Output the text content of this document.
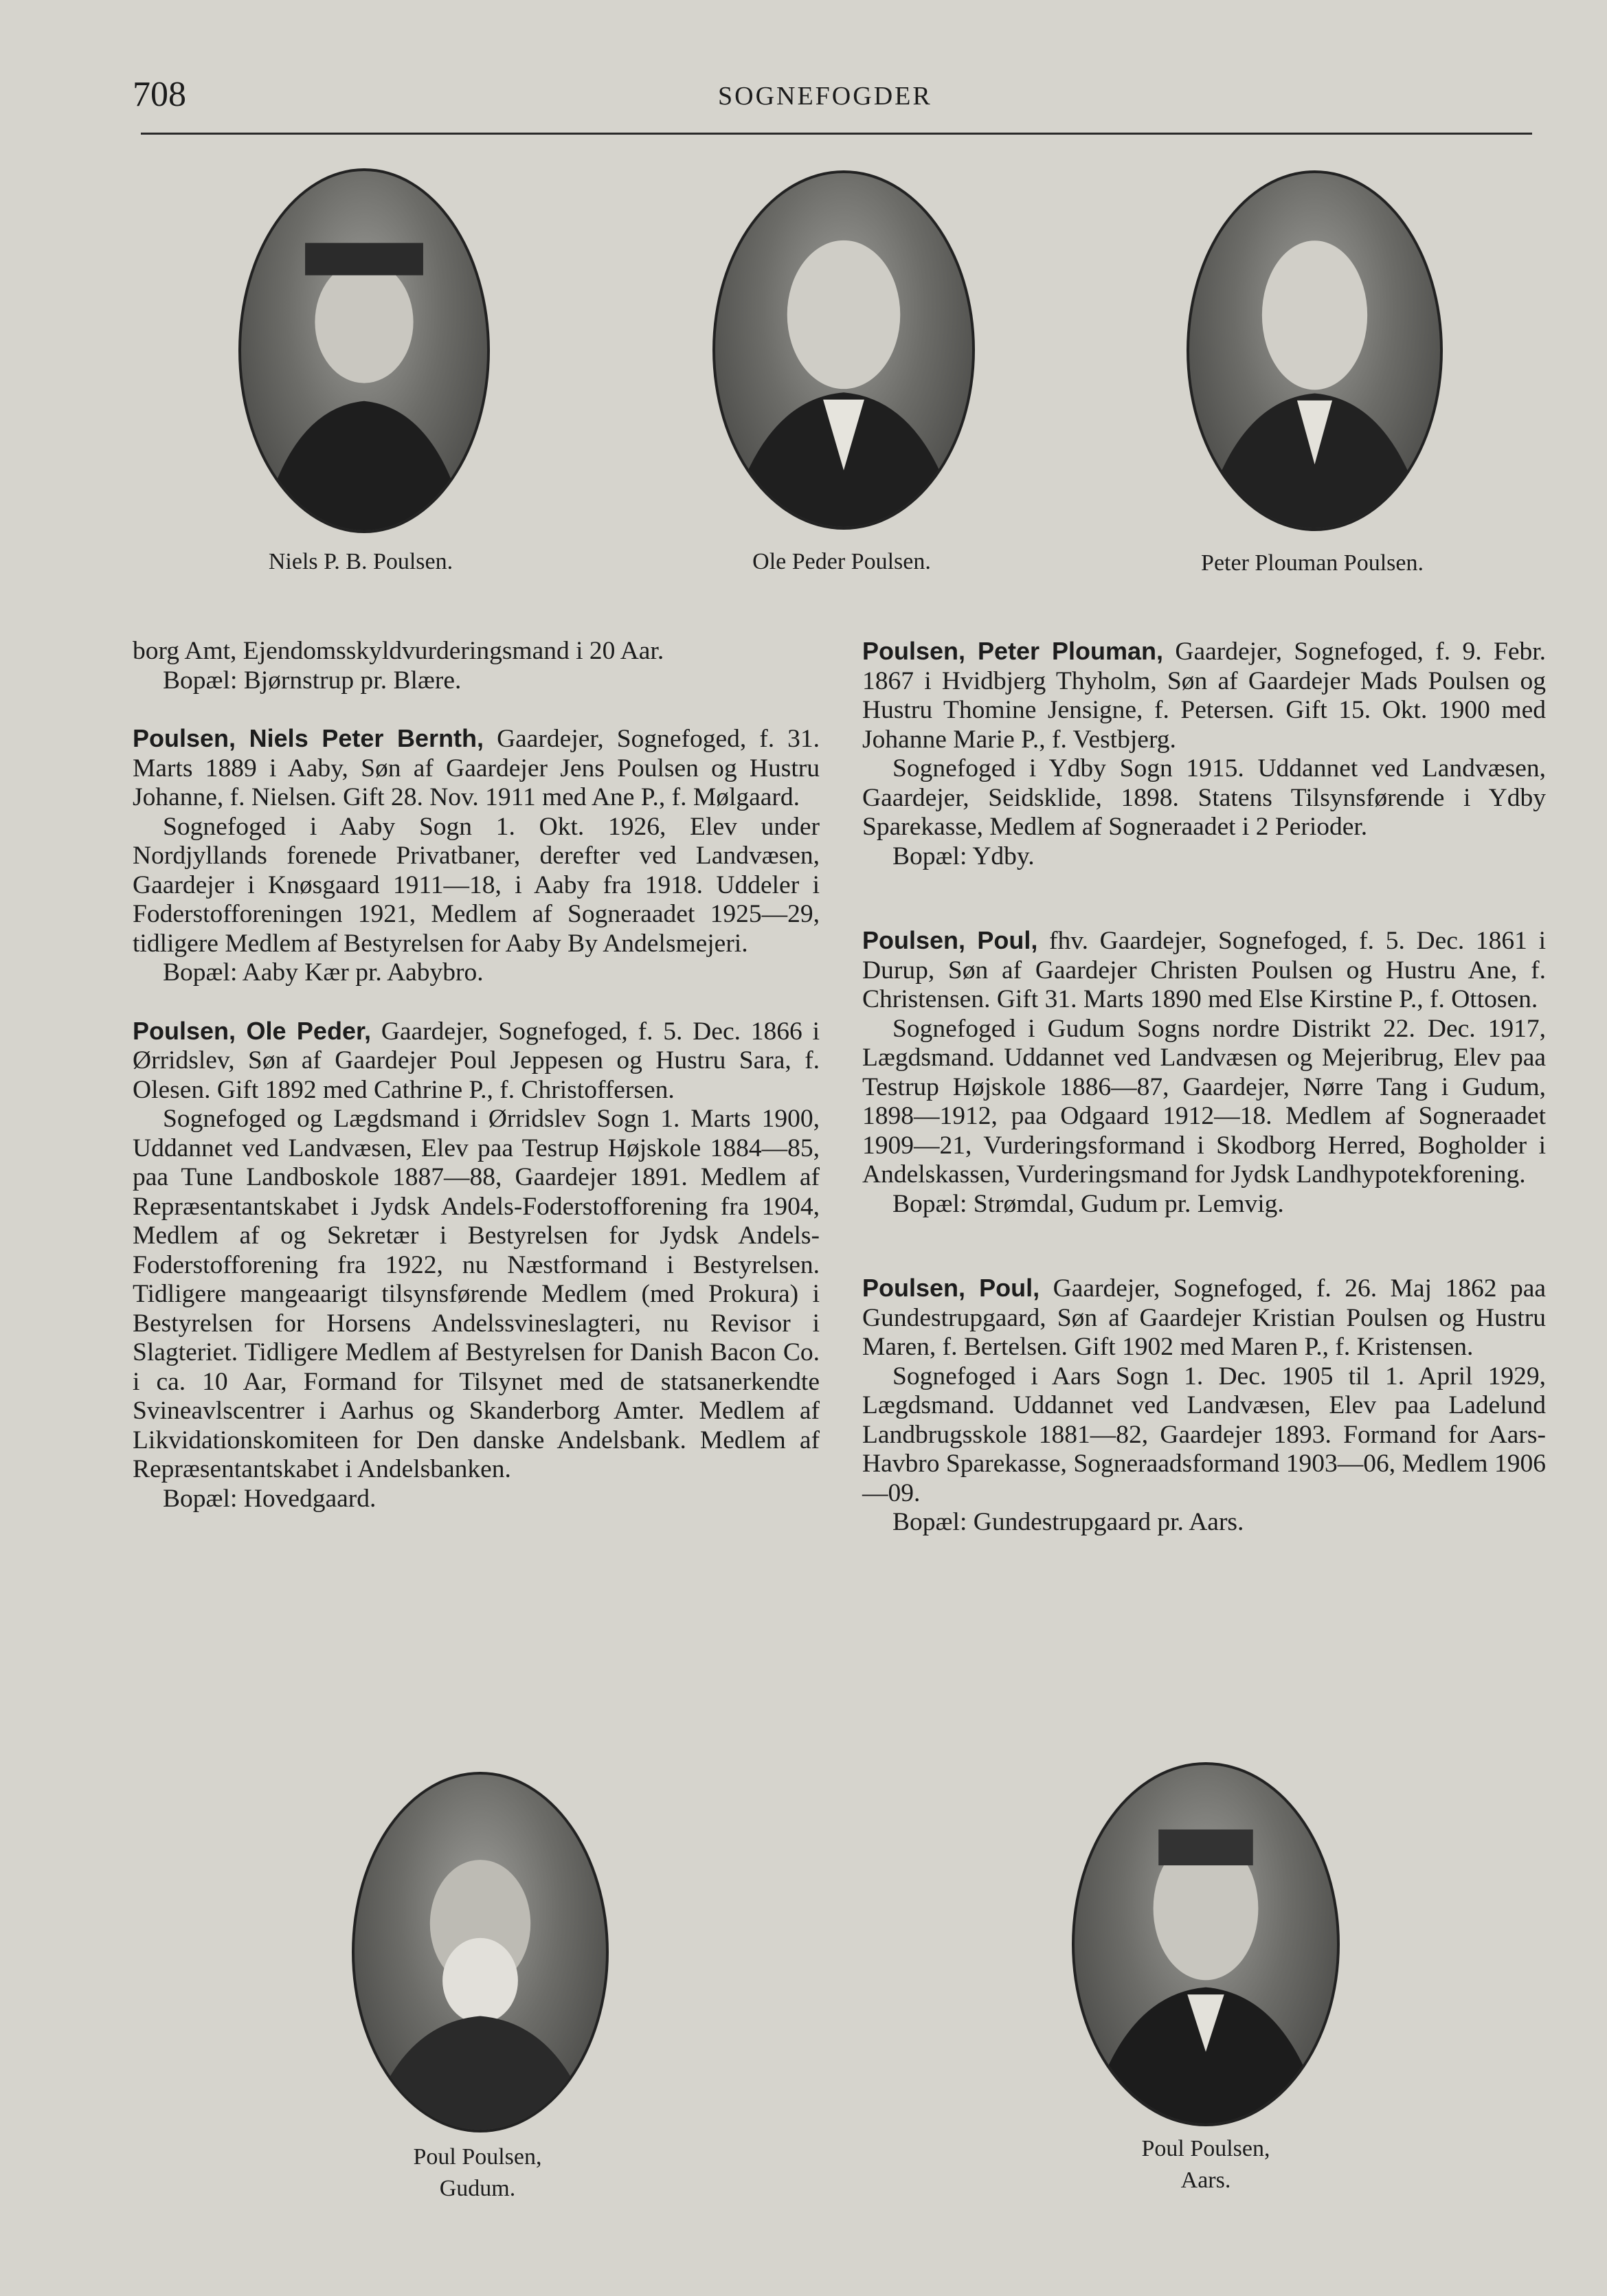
708	SOGNEFOGDER
Niels P. B. Poulsen.	Ole Peder Poulsen.	Peter Plouman Poulsen.

borg Amt, Ejendomsskyldvurderingsmand i 20 Aar.

Bopæl: Bjørnstrup pr. Blære.

Poulsen, Niels Peter Bernth, Gaardejer, Sognefoged, f. 31. Marts 1889 i Aaby, Søn af Gaardejer Jens Poulsen og Hustru Johanne, f. Nielsen. Gift 28. Nov. 1911 med Ane P., f. Mølgaard.

Sognefoged i Aaby Sogn 1. Okt. 1926, Elev under Nordjyllands forenede Privatbaner, derefter ved Landvæsen, Gaardejer i Knøsgaard 1911—18, i Aaby fra 1918. Uddeler i Foderstofforeningen 1921, Medlem af Sogneraadet 1925—29, tidligere Medlem af Bestyrelsen for Aaby By Andelsmejeri.

Bopæl: Aaby Kær pr. Aabybro.

Poulsen, Ole Peder, Gaardejer, Sognefoged, f. 5. Dec. 1866 i Ørridslev, Søn af Gaardejer Poul Jeppesen og Hustru Sara, f. Olesen. Gift 1892 med Cathrine P., f. Christoffersen.

Sognefoged og Lægdsmand i Ørridslev Sogn 1. Marts 1900, Uddannet ved Landvæsen, Elev paa Testrup Højskole 1884—85, paa Tune Landboskole 1887—88, Gaardejer 1891. Medlem af Repræsentantskabet i Jydsk Andels-Foderstofforening fra 1904, Medlem af og Sekretær i Bestyrelsen for Jydsk Andels-Foderstofforening fra 1922, nu Næstformand i Bestyrelsen. Tidligere mangeaarigt tilsynsførende Medlem (med Prokura) i Bestyrelsen for Horsens Andelssvineslagteri, nu Revisor i Slagteriet. Tidligere Medlem af Bestyrelsen for Danish Bacon Co. i ca. 10 Aar, Formand for Tilsynet med de statsanerkendte Svineavlscentrer i Aarhus og Skanderborg Amter. Medlem af Likvidationskomiteen for Den danske Andelsbank. Medlem af Repræsentantskabet i Andelsbanken.

Bopæl: Hovedgaard.

Poulsen, Peter Plouman, Gaardejer, Sognefoged, f. 9. Febr. 1867 i Hvidbjerg Thyholm, Søn af Gaardejer Mads Poulsen og Hustru Thomine Jensigne, f. Petersen. Gift 15. Okt. 1900 med Johanne Marie P., f. Vestbjerg.

Sognefoged i Ydby Sogn 1915. Uddannet ved Landvæsen, Gaardejer, Seidsklide, 1898. Statens Tilsynsførende i Ydby Sparekasse, Medlem af Sogneraadet i 2 Perioder.

Bopæl: Ydby.

Poulsen, Poul, fhv. Gaardejer, Sognefoged, f. 5. Dec. 1861 i Durup, Søn af Gaardejer Christen Poulsen og Hustru Ane, f. Christensen. Gift 31. Marts 1890 med Else Kirstine P., f. Ottosen.

Sognefoged i Gudum Sogns nordre Distrikt 22. Dec. 1917, Lægdsmand. Uddannet ved Landvæsen og Mejeribrug, Elev paa Testrup Højskole 1886—87, Gaardejer, Nørre Tang i Gudum, 1898—1912, paa Odgaard 1912—18. Medlem af Sogneraadet 1909—21, Vurderingsformand i Skodborg Herred, Bogholder i Andelskassen, Vurderingsmand for Jydsk Landhypotekforening.

Bopæl: Strømdal, Gudum pr. Lemvig.

Poulsen, Poul, Gaardejer, Sognefoged, f. 26. Maj 1862 paa Gundestrupgaard, Søn af Gaardejer Kristian Poulsen og Hustru Maren, f. Bertelsen. Gift 1902 med Maren P., f. Kristensen.

Sognefoged i Aars Sogn 1. Dec. 1905 til 1. April 1929, Lægdsmand. Uddannet ved Landvæsen, Elev paa Ladelund Landbrugsskole 1881—82, Gaardejer 1893. Formand for Aars-Havbro Sparekasse, Sogneraadsformand 1903—06, Medlem 1906—09.

Bopæl: Gundestrupgaard pr. Aars.

Poul Poulsen,
Gudum.
Poul Poulsen,
Aars.
